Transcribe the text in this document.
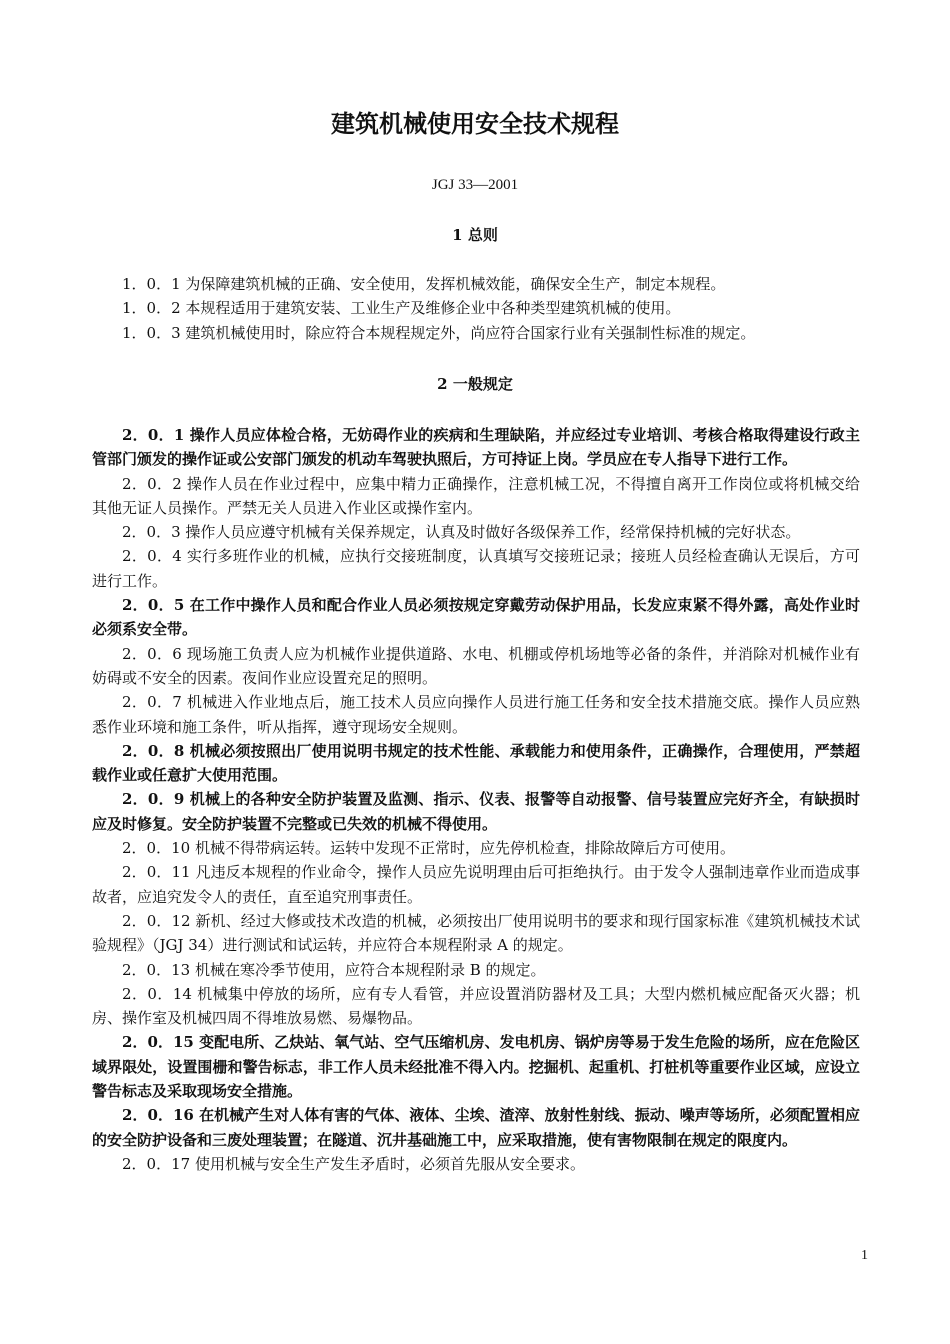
建筑机械使用安全技术规程
JGJ 33—2001
1 总则

1．0．1 为保障建筑机械的正确、安全使用，发挥机械效能，确保安全生产，制定本规程。

1．0．2 本规程适用于建筑安装、工业生产及维修企业中各种类型建筑机械的使用。

1．0．3 建筑机械使用时，除应符合本规程规定外，尚应符合国家行业有关强制性标准的规定。

2 一般规定

2．0．1 操作人员应体检合格，无妨碍作业的疾病和生理缺陷，并应经过专业培训、考核合格取得建设行政主管部门颁发的操作证或公安部门颁发的机动车驾驶执照后，方可持证上岗。学员应在专人指导下进行工作。

2．0．2 操作人员在作业过程中，应集中精力正确操作，注意机械工况，不得擅自离开工作岗位或将机械交给其他无证人员操作。严禁无关人员进入作业区或操作室内。

2．0．3 操作人员应遵守机械有关保养规定，认真及时做好各级保养工作，经常保持机械的完好状态。

2．0．4 实行多班作业的机械，应执行交接班制度，认真填写交接班记录；接班人员经检查确认无误后，方可进行工作。

2．0．5 在工作中操作人员和配合作业人员必须按规定穿戴劳动保护用品，长发应束紧不得外露，高处作业时必须系安全带。

2．0．6 现场施工负责人应为机械作业提供道路、水电、机棚或停机场地等必备的条件，并消除对机械作业有妨碍或不安全的因素。夜间作业应设置充足的照明。

2．0．7 机械进入作业地点后，施工技术人员应向操作人员进行施工任务和安全技术措施交底。操作人员应熟悉作业环境和施工条件，听从指挥，遵守现场安全规则。

2．0．8 机械必须按照出厂使用说明书规定的技术性能、承载能力和使用条件，正确操作，合理使用，严禁超载作业或任意扩大使用范围。

2．0．9 机械上的各种安全防护装置及监测、指示、仪表、报警等自动报警、信号装置应完好齐全，有缺损时应及时修复。安全防护装置不完整或已失效的机械不得使用。

2．0．10 机械不得带病运转。运转中发现不正常时，应先停机检查，排除故障后方可使用。

2．0．11 凡违反本规程的作业命令，操作人员应先说明理由后可拒绝执行。由于发令人强制违章作业而造成事故者，应追究发令人的责任，直至追究刑事责任。

2．0．12 新机、经过大修或技术改造的机械，必须按出厂使用说明书的要求和现行国家标准《建筑机械技术试验规程》（JGJ 34）进行测试和试运转，并应符合本规程附录 A 的规定。

2．0．13 机械在寒冷季节使用，应符合本规程附录 B 的规定。

2．0．14 机械集中停放的场所，应有专人看管，并应设置消防器材及工具；大型内燃机械应配备灭火器；机房、操作室及机械四周不得堆放易燃、易爆物品。

2．0．15 变配电所、乙炔站、氧气站、空气压缩机房、发电机房、锅炉房等易于发生危险的场所，应在危险区域界限处，设置围栅和警告标志，非工作人员未经批准不得入内。挖掘机、起重机、打桩机等重要作业区域，应设立警告标志及采取现场安全措施。

2．0．16 在机械产生对人体有害的气体、液体、尘埃、渣滓、放射性射线、振动、噪声等场所，必须配置相应的安全防护设备和三废处理装置；在隧道、沉井基础施工中，应采取措施，使有害物限制在规定的限度内。

2．0．17 使用机械与安全生产发生矛盾时，必须首先服从安全要求。

1
